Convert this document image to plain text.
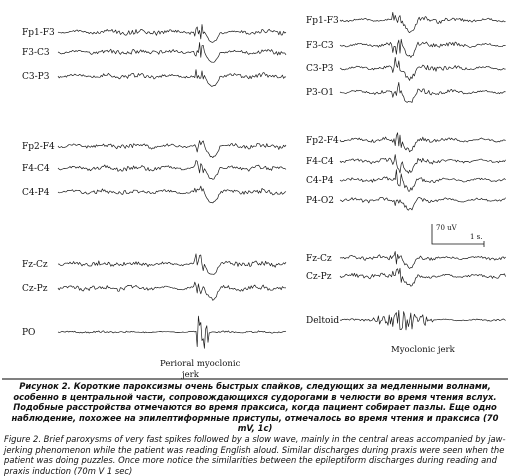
Fp1-F3
F3-C3
C3-P3
Fp2-F4
F4-C4
C4-P4
Fz-Cz
Cz-Pz
PO
Fp1-F3
F3-C3
C3-P3
P3-O1
Fp2-F4
F4-C4
C4-P4
P4-O2
Fz-Cz
Cz-Pz
Deltoid
Perioral myoclonic
jerk
Myoclonic jerk
70 uV
1 s.

Рисунок 2. Короткие пароксизмы очень быстрых спайков, следующих за медленными волнами, особенно в центральной части, сопровождающихся судорогами в челюсти во время чтения вслух. Подобные расстройства отмечаются во время праксиса, когда пациент собирает пазлы. Еще одно наблюдение, похожее на эпилептиформные приступы, отмечалось во время чтения и праксиса (70 mV, 1c)

Figure 2. Brief paroxysms of very fast spikes followed by a slow wave, mainly in the central areas accompanied by jaw-jerking phenomenon while the patient was reading English aloud. Similar discharges during praxis were seen when the patient was doing puzzles. Once more notice the similarities between the epileptiform discharges during reading and praxis induction (70m V 1 sec)
